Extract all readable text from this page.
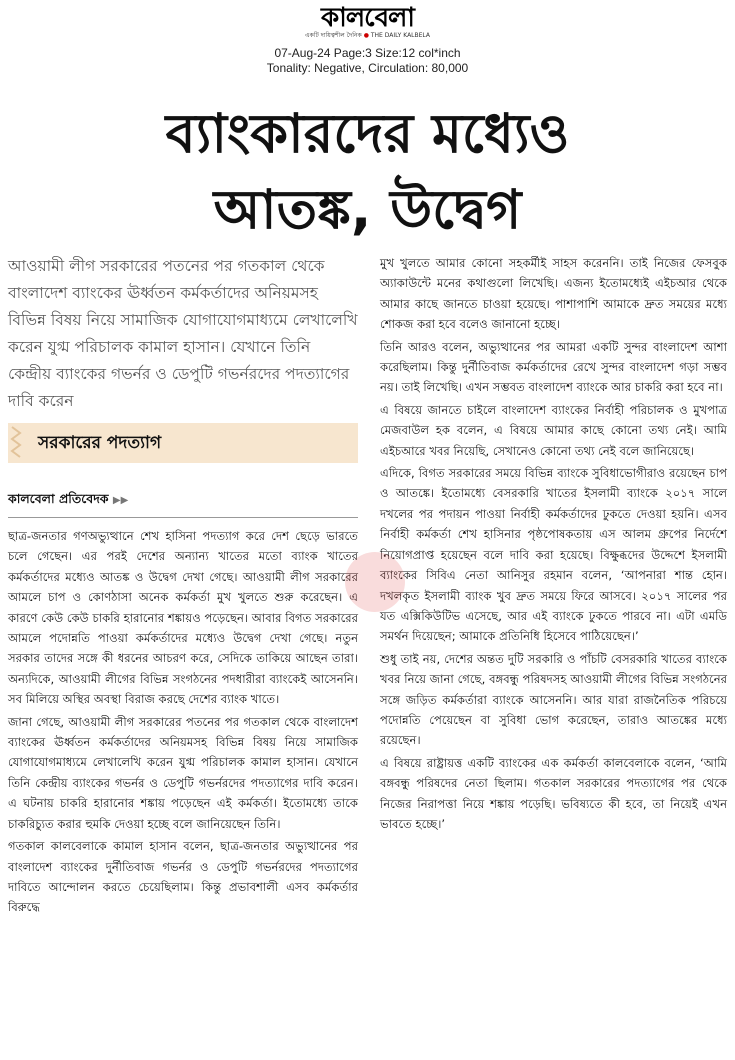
কালবেলা
একটি দায়িত্বশীল দৈনিক ● THE DAILY KALBELA
07-Aug-24 Page:3 Size:12 col*inch
Tonality: Negative, Circulation: 80,000
ব্যাংকারদের মধ্যেও
আতঙ্ক, উদ্বেগ

আওয়ামী লীগ সরকারের পতনের পর গতকাল থেকে বাংলাদেশ ব্যাংকের ঊর্ধ্বতন কর্মকর্তাদের অনিয়মসহ বিভিন্ন বিষয় নিয়ে সামাজিক যোগাযোগমাধ্যমে লেখালেখি করেন যুগ্ম পরিচালক কামাল হাসান। যেখানে তিনি কেন্দ্রীয় ব্যাংকের গভর্নর ও ডেপুটি গভর্নরদের পদত্যাগের দাবি করেন

সরকারের পদত্যাগ
কালবেলা প্রতিবেদক ▶▶

ছাত্র-জনতার গণঅভ্যুত্থানে শেখ হাসিনা পদত্যাগ করে দেশ ছেড়ে ভারতে চলে গেছেন। এর পরই দেশের অন্যান্য খাতের মতো ব্যাংক খাতের কর্মকর্তাদের মধ্যেও আতঙ্ক ও উদ্বেগ দেখা গেছে। আওয়ামী লীগ সরকারের আমলে চাপ ও কোণঠাসা অনেক কর্মকর্তা মুখ খুলতে শুরু করেছেন। এ কারণে কেউ কেউ চাকরি হারানোর শঙ্কায়ও পড়েছেন। আবার বিগত সরকারের আমলে পদোন্নতি পাওয়া কর্মকর্তাদের মধ্যেও উদ্বেগ দেখা গেছে। নতুন সরকার তাদের সঙ্গে কী ধরনের আচরণ করে, সেদিকে তাকিয়ে আছেন তারা। অন্যদিকে, আওয়ামী লীগের বিভিন্ন সংগঠনের পদধারীরা ব্যাংকেই আসেননি। সব মিলিয়ে অস্থির অবস্থা বিরাজ করছে দেশের ব্যাংক খাতে।

জানা গেছে, আওয়ামী লীগ সরকারের পতনের পর গতকাল থেকে বাংলাদেশ ব্যাংকের ঊর্ধ্বতন কর্মকর্তাদের অনিয়মসহ বিভিন্ন বিষয় নিয়ে সামাজিক যোগাযোগমাধ্যমে লেখালেখি করেন যুগ্ম পরিচালক কামাল হাসান। যেখানে তিনি কেন্দ্রীয় ব্যাংকের গভর্নর ও ডেপুটি গভর্নরদের পদত্যাগের দাবি করেন। এ ঘটনায় চাকরি হারানোর শঙ্কায় পড়েছেন এই কর্মকর্তা। ইতোমধ্যে তাকে চাকরিচ্যুত করার হুমকি দেওয়া হচ্ছে বলে জানিয়েছেন তিনি।

গতকাল কালবেলাকে কামাল হাসান বলেন, ছাত্র-জনতার অভ্যুত্থানের পর বাংলাদেশ ব্যাংকের দুর্নীতিবাজ গভর্নর ও ডেপুটি গভর্নরদের পদত্যাগের দাবিতে আন্দোলন করতে চেয়েছিলাম। কিন্তু প্রভাবশালী এসব কর্মকর্তার বিরুদ্ধে

মুখ খুলতে আমার কোনো সহকর্মীই সাহস করেননি। তাই নিজের ফেসবুক অ্যাকাউন্টে মনের কথাগুলো লিখেছি। এজন্য ইতোমধ্যেই এইচআর থেকে আমার কাছে জানতে চাওয়া হয়েছে। পাশাপাশি আমাকে দ্রুত সময়ের মধ্যে শোকজ করা হবে বলেও জানানো হচ্ছে।

তিনি আরও বলেন, অভ্যুত্থানের পর আমরা একটি সুন্দর বাংলাদেশ আশা করেছিলাম। কিন্তু দুর্নীতিবাজ কর্মকর্তাদের রেখে সুন্দর বাংলাদেশ গড়া সম্ভব নয়। তাই লিখেছি। এখন সম্ভবত বাংলাদেশ ব্যাংকে আর চাকরি করা হবে না।

এ বিষয়ে জানতে চাইলে বাংলাদেশ ব্যাংকের নির্বাহী পরিচালক ও মুখপাত্র মেজবাউল হক বলেন, এ বিষয়ে আমার কাছে কোনো তথ্য নেই। আমি এইচআরে খবর নিয়েছি, সেখানেও কোনো তথ্য নেই বলে জানিয়েছে।

এদিকে, বিগত সরকারের সময়ে বিভিন্ন ব্যাংকে সুবিধাভোগীরাও রয়েছেন চাপ ও আতঙ্কে। ইতোমধ্যে বেসরকারি খাতের ইসলামী ব্যাংকে ২০১৭ সালে দখলের পর পদায়ন পাওয়া নির্বাহী কর্মকর্তাদের ঢুকতে দেওয়া হয়নি। এসব নির্বাহী কর্মকর্তা শেখ হাসিনার পৃষ্ঠপোষকতায় এস আলম গ্রুপের নির্দেশে নিয়োগপ্রাপ্ত হয়েছেন বলে দাবি করা হয়েছে। বিক্ষুব্ধদের উদ্দেশে ইসলামী ব্যাংকের সিবিএ নেতা আনিসুর রহমান বলেন, ‘আপনারা শান্ত হোন। দখলকৃত ইসলামী ব্যাংক খুব দ্রুত সময়ে ফিরে আসবে। ২০১৭ সালের পর যত এক্সিকিউটিভ এসেছে, আর এই ব্যাংকে ঢুকতে পারবে না। এটা এমডি সমর্থন দিয়েছেন; আমাকে প্রতিনিধি হিসেবে পাঠিয়েছেন।’

শুধু তাই নয়, দেশের অন্তত দুটি সরকারি ও পাঁচটি বেসরকারি খাতের ব্যাংকে খবর নিয়ে জানা গেছে, বঙ্গবন্ধু পরিষদসহ আওয়ামী লীগের বিভিন্ন সংগঠনের সঙ্গে জড়িত কর্মকর্তারা ব্যাংকে আসেননি। আর যারা রাজনৈতিক পরিচয়ে পদোন্নতি পেয়েছেন বা সুবিধা ভোগ করেছেন, তারাও আতঙ্কের মধ্যে রয়েছেন।

এ বিষয়ে রাষ্ট্রায়ত্ত একটি ব্যাংকের এক কর্মকর্তা কালবেলাকে বলেন, ‘আমি বঙ্গবন্ধু পরিষদের নেতা ছিলাম। গতকাল সরকারের পদত্যাগের পর থেকে নিজের নিরাপত্তা নিয়ে শঙ্কায় পড়েছি। ভবিষ্যতে কী হবে, তা নিয়েই এখন ভাবতে হচ্ছে।’
